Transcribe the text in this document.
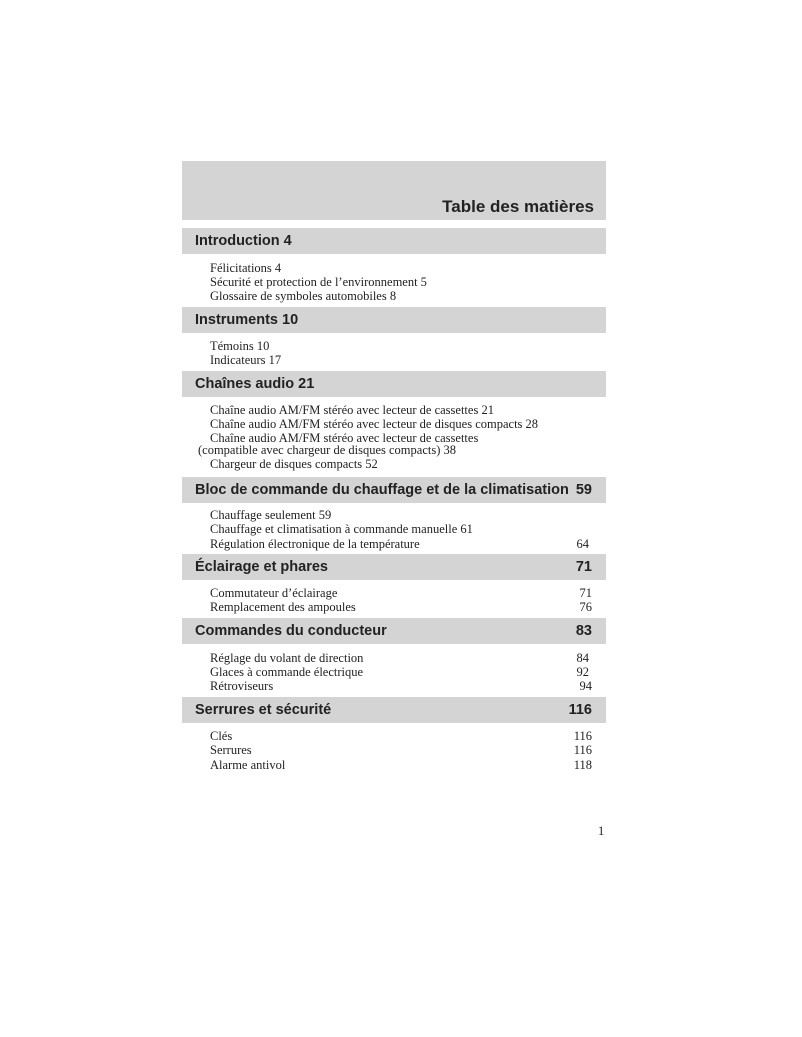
Table des matières
Introduction 4
Félicitations 4
Sécurité et protection de l’environnement 5
Glossaire de symboles automobiles 8
Instruments 10
Témoins 10
Indicateurs 17
Chaînes audio 21
Chaîne audio AM/FM stéréo avec lecteur de cassettes 21
Chaîne audio AM/FM stéréo avec lecteur de disques compacts 28
Chaîne audio AM/FM stéréo avec lecteur de cassettes
(compatible avec chargeur de disques compacts) 38
Chargeur de disques compacts 52
Bloc de commande du chauffage et de la climatisation 59
Chauffage seulement 59
Chauffage et climatisation à commande manuelle 61
Régulation électronique de la température	64
Éclairage et phares	71
Commutateur d’éclairage	71
Remplacement des ampoules	76
Commandes du conducteur	83
Réglage du volant de direction	84
Glaces à commande électrique	92
Rétroviseurs	94
Serrures et sécurité	116
Clés	116
Serrures	116
Alarme antivol	118
1
